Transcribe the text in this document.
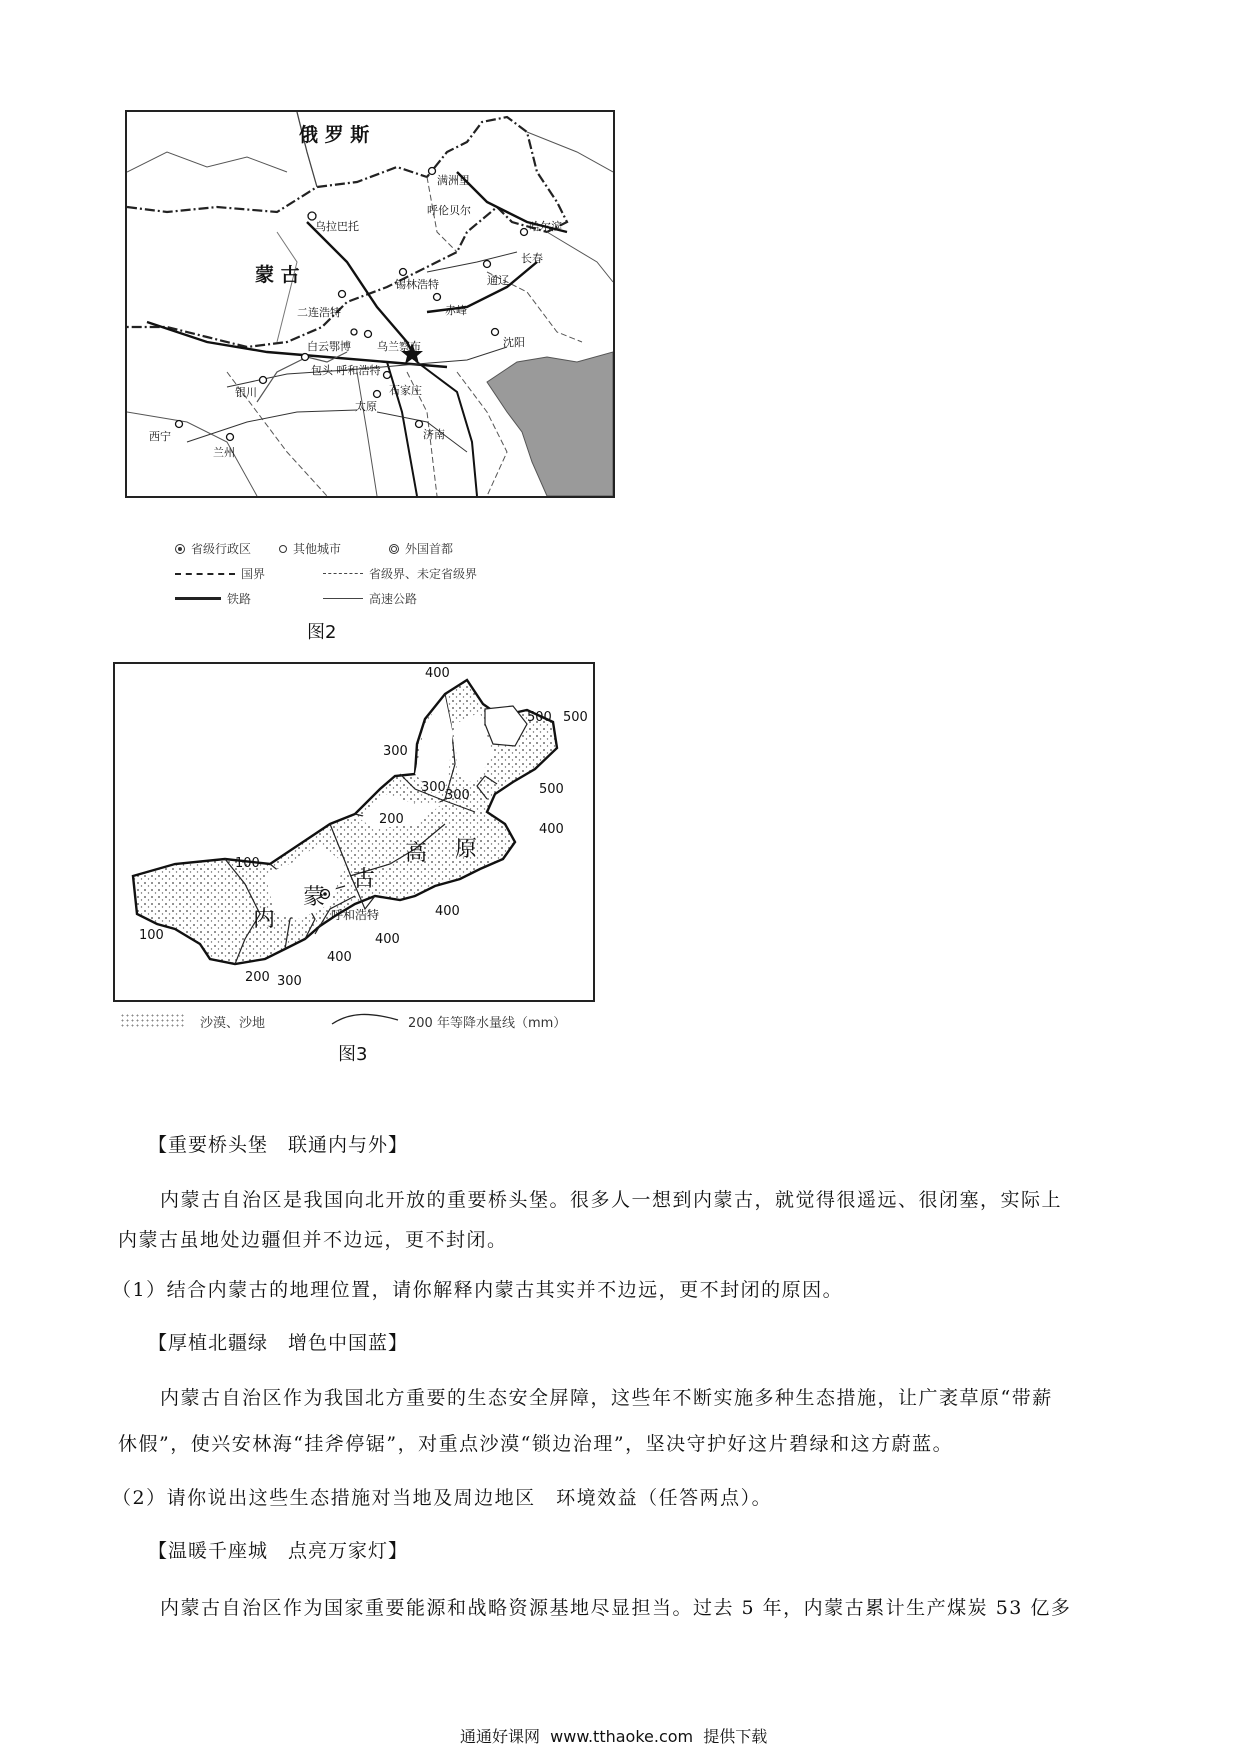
俄 罗 斯
蒙 古
满洲里
呼伦贝尔
哈尔滨
乌拉巴托
长春
通辽
锡林浩特
二连浩特	赤峰
白云鄂博 乌兰察布	沈阳
包头 呼和浩特
银川
太原
石家庄
济南
西宁
兰州
省级行政区	其他城市	外国首都
国界	省级界、未定省级界
铁路	高速公路
图2
400
500 500
300
300
300	500
200
400
100
400
100	400
400
200 300
内
蒙
古
高 原
呼和浩特
沙漠、沙地	200 年等降水量线（mm）
图3
【重要桥头堡　联通内与外】
内蒙古自治区是我国向北开放的重要桥头堡。很多人一想到内蒙古，就觉得很遥远、很闭塞，实际上
内蒙古虽地处边疆但并不边远，更不封闭。
（1）结合内蒙古的地理位置，请你解释内蒙古其实并不边远，更不封闭的原因。
【厚植北疆绿　增色中国蓝】
内蒙古自治区作为我国北方重要的生态安全屏障，这些年不断实施多种生态措施，让广袤草原“带薪
休假”，使兴安林海“挂斧停锯”，对重点沙漠“锁边治理”，坚决守护好这片碧绿和这方蔚蓝。
（2）请你说出这些生态措施对当地及周边地区　环境效益（任答两点）。
【温暖千座城　点亮万家灯】
内蒙古自治区作为国家重要能源和战略资源基地尽显担当。过去 5 年，内蒙古累计生产煤炭 53 亿多
通通好课网  www.tthaoke.com  提供下载
